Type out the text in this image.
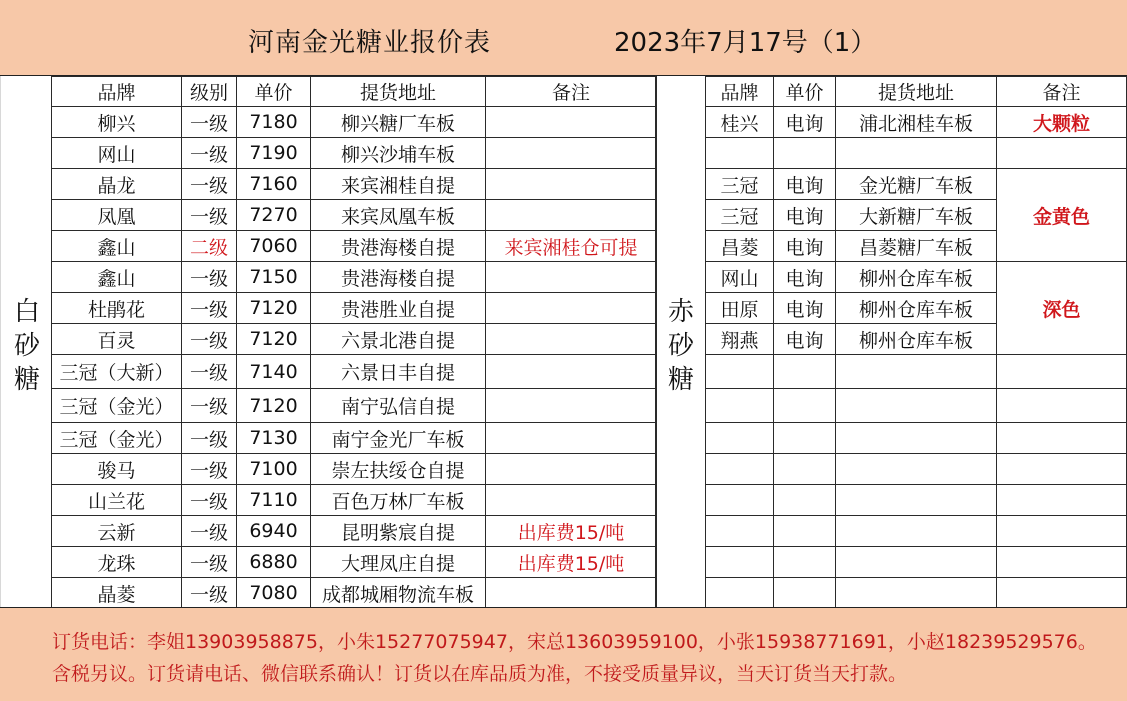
河南金光糖业报价表	2023年7月17号（1）
白
砂
糖
赤
砂
糖
品牌	级别	单价	提货地址	备注
柳兴	一级	7180	柳兴糖厂车板	
网山	一级	7190	柳兴沙埔车板	
晶龙	一级	7160	来宾湘桂自提	
凤凰	一级	7270	来宾凤凰车板	
鑫山	二级	7060	贵港海楼自提	来宾湘桂仓可提
鑫山	一级	7150	贵港海楼自提	
杜鹃花	一级	7120	贵港胜业自提	
百灵	一级	7120	六景北港自提	
三冠（大新）	一级	7140	六景日丰自提	
三冠（金光）	一级	7120	南宁弘信自提	
三冠（金光）	一级	7130	南宁金光厂车板	
骏马	一级	7100	崇左扶绥仓自提	
山兰花	一级	7110	百色万林厂车板	
云新	一级	6940	昆明紫宸自提	出库费15/吨
龙珠	一级	6880	大理凤庄自提	出库费15/吨
晶菱	一级	7080	成都城厢物流车板	
品牌	单价	提货地址	备注
桂兴	电询	浦北湘桂车板	大颗粒

三冠	电询	金光糖厂车板	金黄色
三冠	电询	大新糖厂车板	
昌菱	电询	昌菱糖厂车板	
网山	电询	柳州仓库车板	深色
田原	电询	柳州仓库车板	
翔燕	电询	柳州仓库车板	

订货电话：李姐13903958875，小朱15277075947，宋总13603959100，小张15938771691，小赵18239529576。含税另议。订货请电话、微信联系确认！订货以在库品质为准，不接受质量异议，当天订货当天打款。
